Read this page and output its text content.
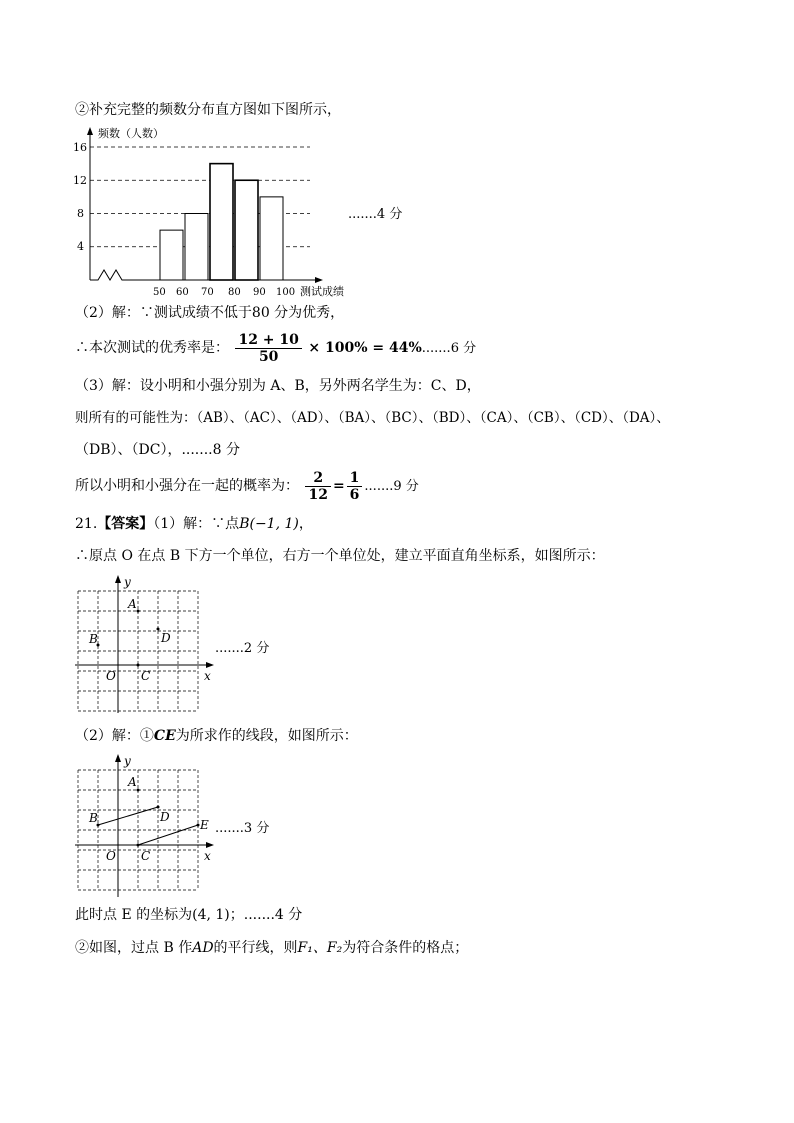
②补充完整的频数分布直方图如下图所示，
频数（人数）
16
12
8
4
50 60 70 80 90 100 测试成绩
.......4 分
（2）解：∵测试成绩不低于80 分为优秀，
∴本次测试的优秀率是： $\frac{12 + 10}{50} \times 100\% = 44\%.......6$ 分
（3）解：设小明和小强分别为 A、B，另外两名学生为：C、D，
则所有的可能性为：（AB）、（AC）、（AD）、（BA）、（BC）、（BD）、（CA）、（CB）、（CD）、（DA）、
（DB）、（DC），.......8 分
所以小明和小强分在一起的概率为： $\frac{2}{12} = \frac{1}{6} .......9$ 分
21.【答案】（1）解：∵点B(−1, 1)，
∴原点 O 在点 B 下方一个单位，右方一个单位处，建立平面直角坐标系，如图所示：
y
A
B	D
O C	x
.......2 分
（2）解：①CE为所求作的线段，如图所示：
y
A
B	D
E
O C	x
.......3 分
此时点 E 的坐标为(4, 1)；.......4 分
②如图，过点 B 作AD的平行线，则F₁、F₂为符合条件的格点；
